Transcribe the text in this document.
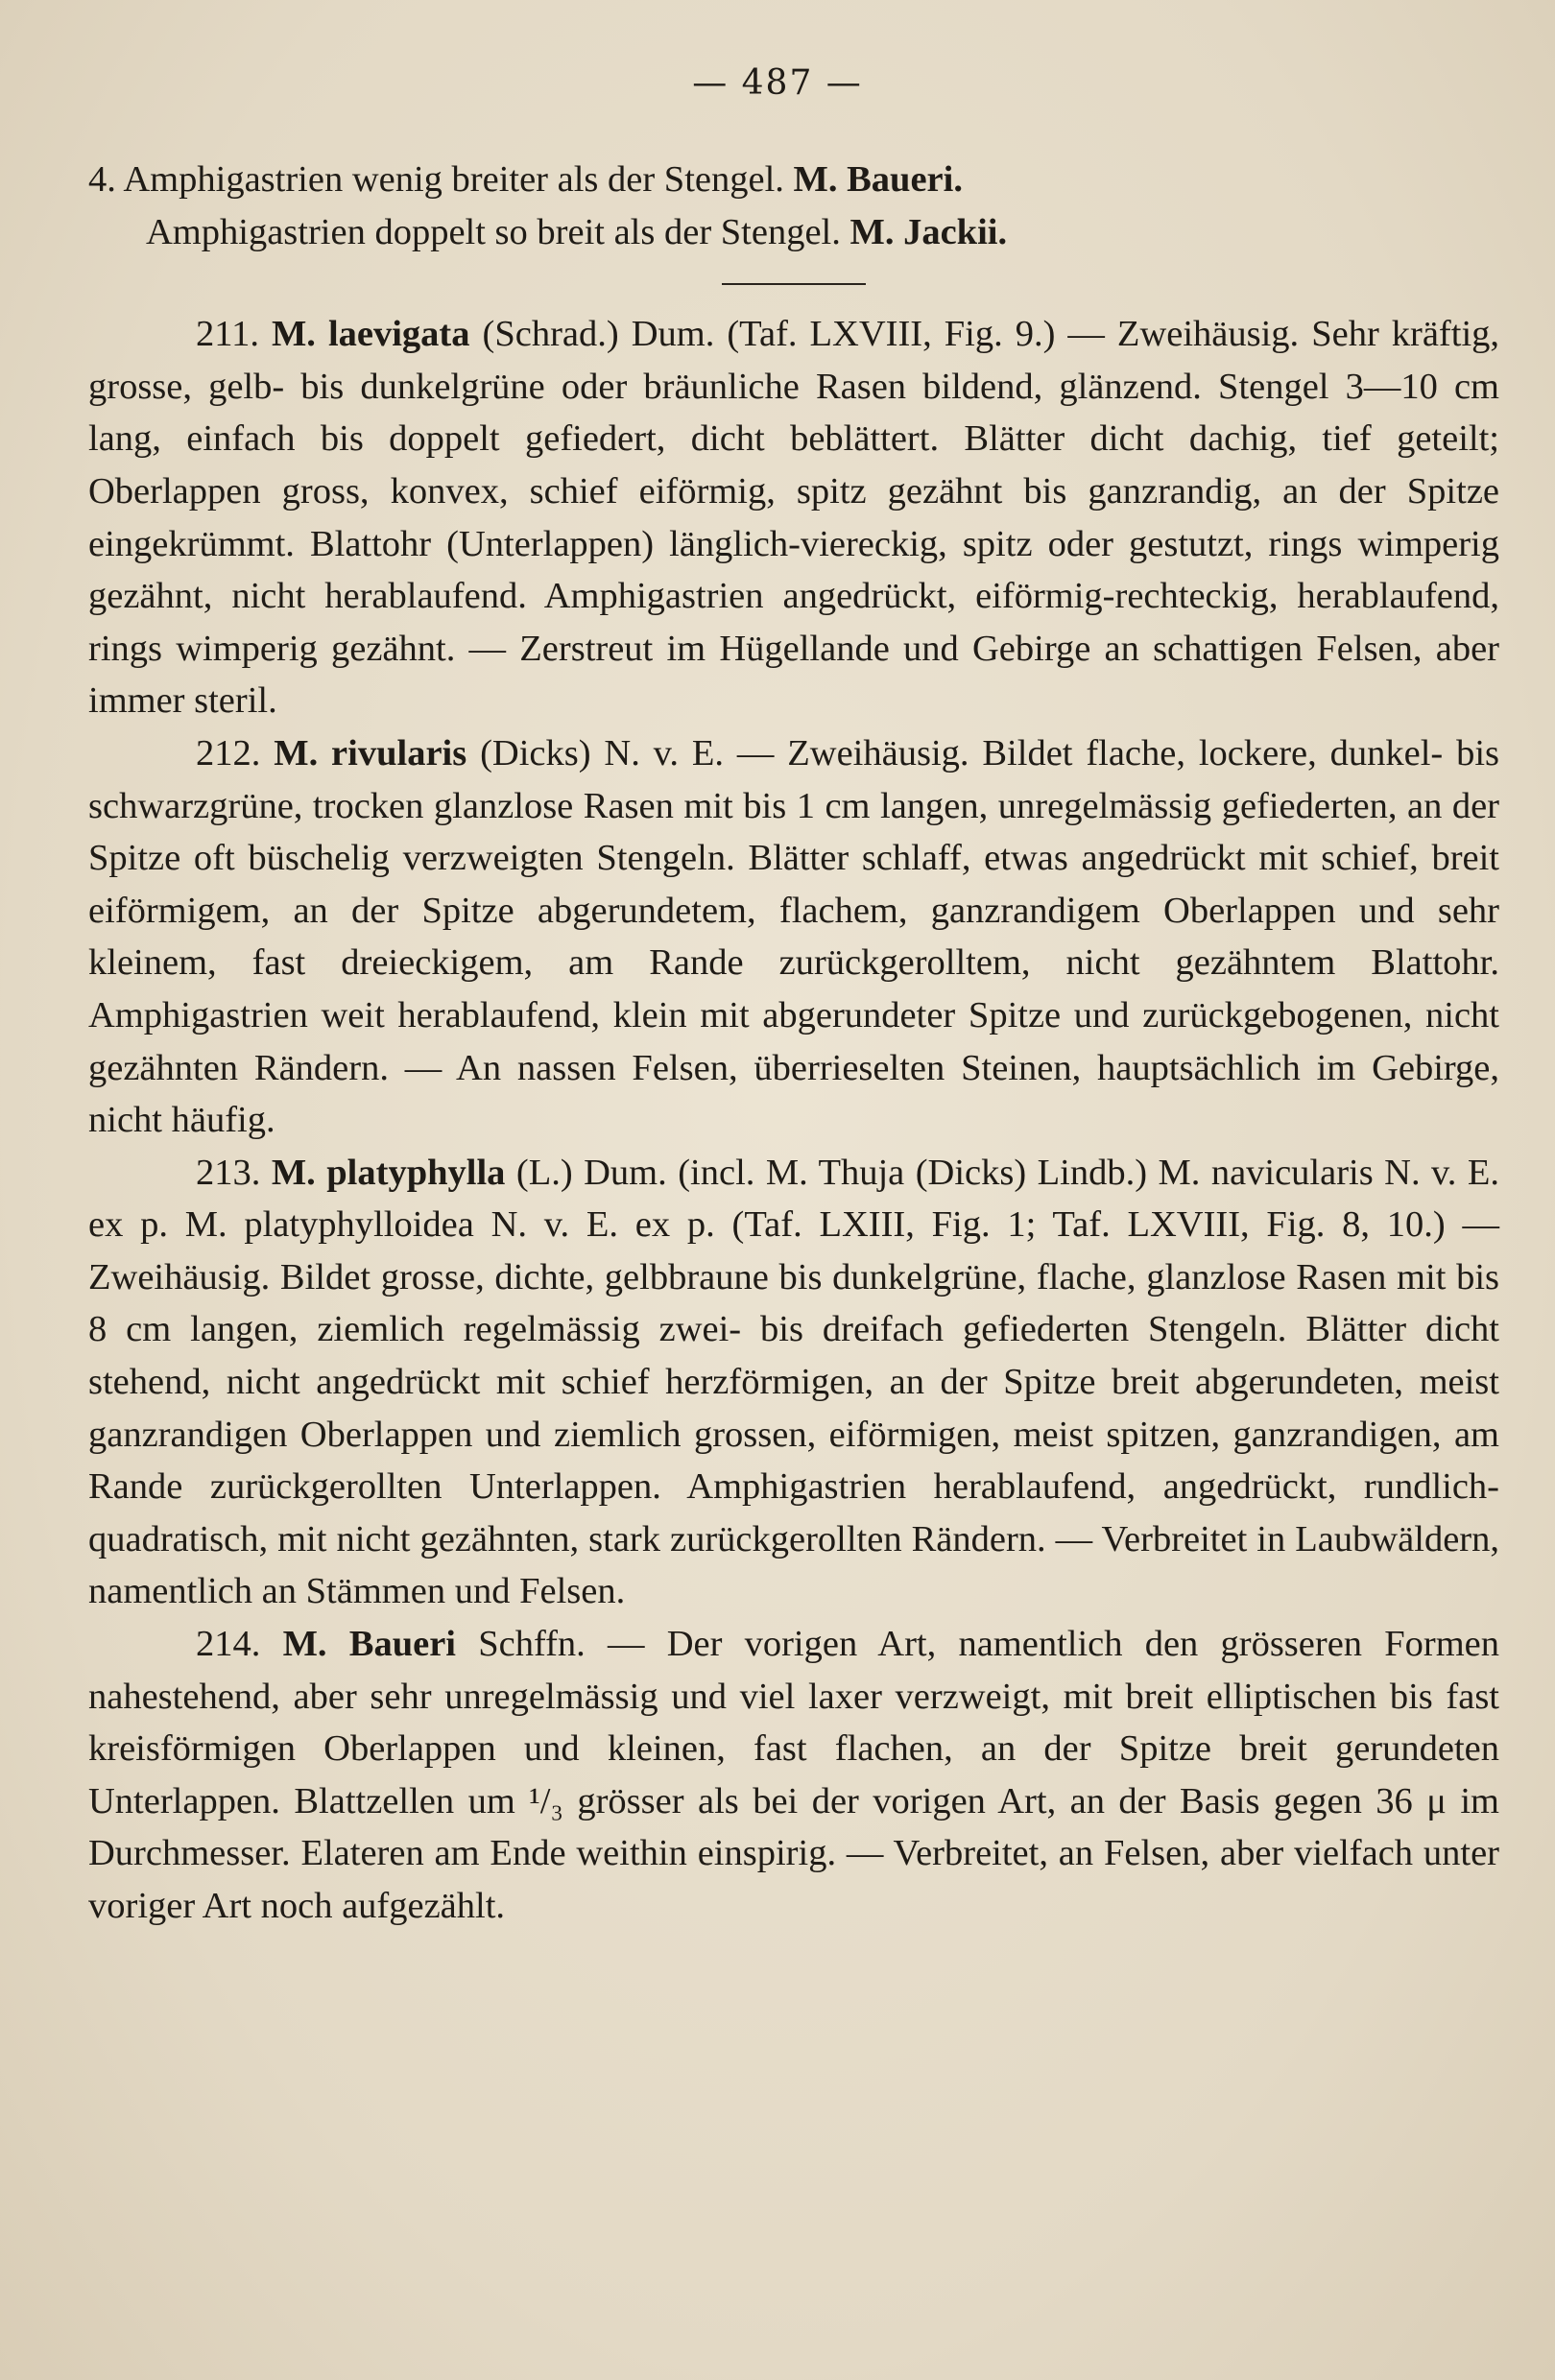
— 487 —
4. Amphigastrien wenig breiter als der Stengel. M. Baueri.
Amphigastrien doppelt so breit als der Stengel. M. Jackii.

211. M. laevigata (Schrad.) Dum. (Taf. LXVIII, Fig. 9.) — Zweihäusig. Sehr kräftig, grosse, gelb- bis dunkelgrüne oder bräunliche Rasen bildend, glänzend. Stengel 3—10 cm lang, einfach bis doppelt gefiedert, dicht beblättert. Blätter dicht dachig, tief geteilt; Oberlappen gross, konvex, schief eiförmig, spitz gezähnt bis ganzrandig, an der Spitze eingekrümmt. Blattohr (Unterlappen) länglich-viereckig, spitz oder gestutzt, rings wimperig gezähnt, nicht herablaufend. Amphigastrien angedrückt, eiförmig-rechteckig, herablaufend, rings wimperig gezähnt. — Zerstreut im Hügellande und Gebirge an schattigen Felsen, aber immer steril.

212. M. rivularis (Dicks) N. v. E. — Zweihäusig. Bildet flache, lockere, dunkel- bis schwarzgrüne, trocken glanzlose Rasen mit bis 1 cm langen, unregelmässig gefiederten, an der Spitze oft büschelig verzweigten Stengeln. Blätter schlaff, etwas angedrückt mit schief, breit eiförmigem, an der Spitze abgerundetem, flachem, ganzrandigem Oberlappen und sehr kleinem, fast dreieckigem, am Rande zurückgerolltem, nicht gezähntem Blattohr. Amphigastrien weit herablaufend, klein mit abgerundeter Spitze und zurückgebogenen, nicht gezähnten Rändern. — An nassen Felsen, überrieselten Steinen, hauptsächlich im Gebirge, nicht häufig.

213. M. platyphylla (L.) Dum. (incl. M. Thuja (Dicks) Lindb.) M. navicularis N. v. E. ex p. M. platyphylloidea N. v. E. ex p. (Taf. LXIII, Fig. 1; Taf. LXVIII, Fig. 8, 10.) — Zweihäusig. Bildet grosse, dichte, gelbbraune bis dunkelgrüne, flache, glanzlose Rasen mit bis 8 cm langen, ziemlich regelmässig zwei- bis dreifach gefiederten Stengeln. Blätter dicht stehend, nicht angedrückt mit schief herzförmigen, an der Spitze breit abgerundeten, meist ganzrandigen Oberlappen und ziemlich grossen, eiförmigen, meist spitzen, ganzrandigen, am Rande zurückgerollten Unterlappen. Amphigastrien herablaufend, angedrückt, rundlich-quadratisch, mit nicht gezähnten, stark zurückgerollten Rändern. — Verbreitet in Laubwäldern, namentlich an Stämmen und Felsen.

214. M. Baueri Schffn. — Der vorigen Art, namentlich den grösseren Formen nahestehend, aber sehr unregelmässig und viel laxer verzweigt, mit breit elliptischen bis fast kreisförmigen Oberlappen und kleinen, fast flachen, an der Spitze breit gerundeten Unterlappen. Blattzellen um ¹/₃ grösser als bei der vorigen Art, an der Basis gegen 36 μ im Durchmesser. Elateren am Ende weithin einspirig. — Verbreitet, an Felsen, aber vielfach unter voriger Art noch aufgezählt.
